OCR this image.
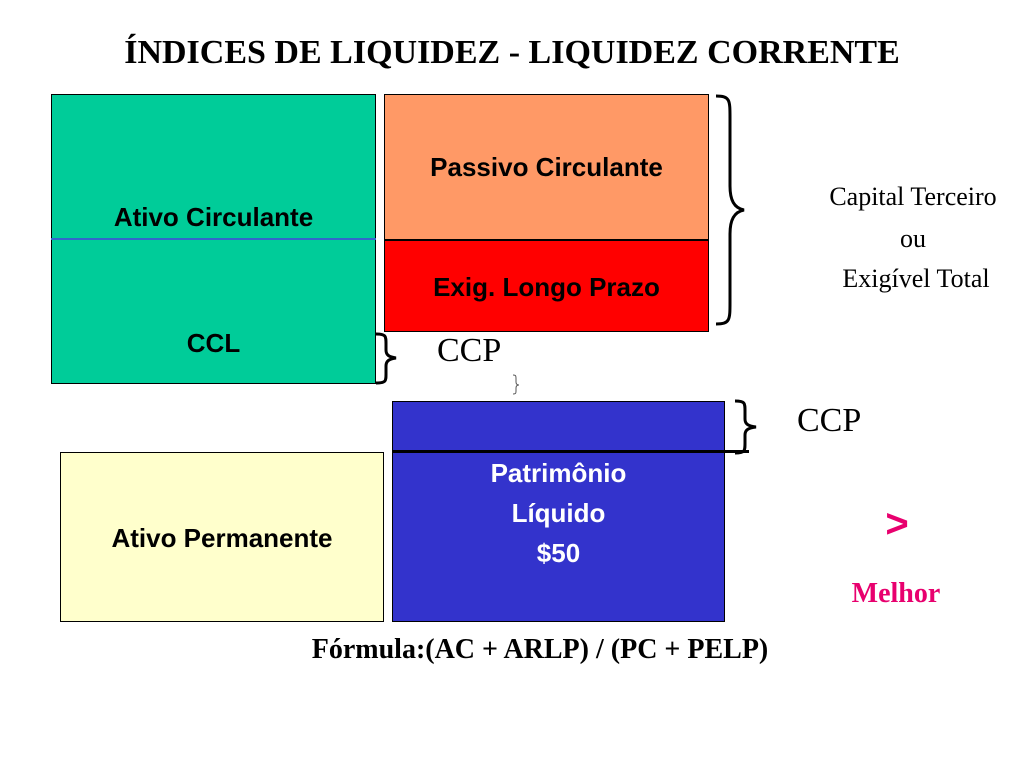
ÍNDICES DE LIQUIDEZ - LIQUIDEZ CORRENTE
Ativo Circulante
CCL
Passivo Circulante
Exig. Longo Prazo
Ativo Permanente
Patrimônio
Líquido
$50
Capital Terceiro
ou
Exigível Total
CCP
CCP
>
Melhor
Fórmula:(AC + ARLP) / (PC + PELP)
